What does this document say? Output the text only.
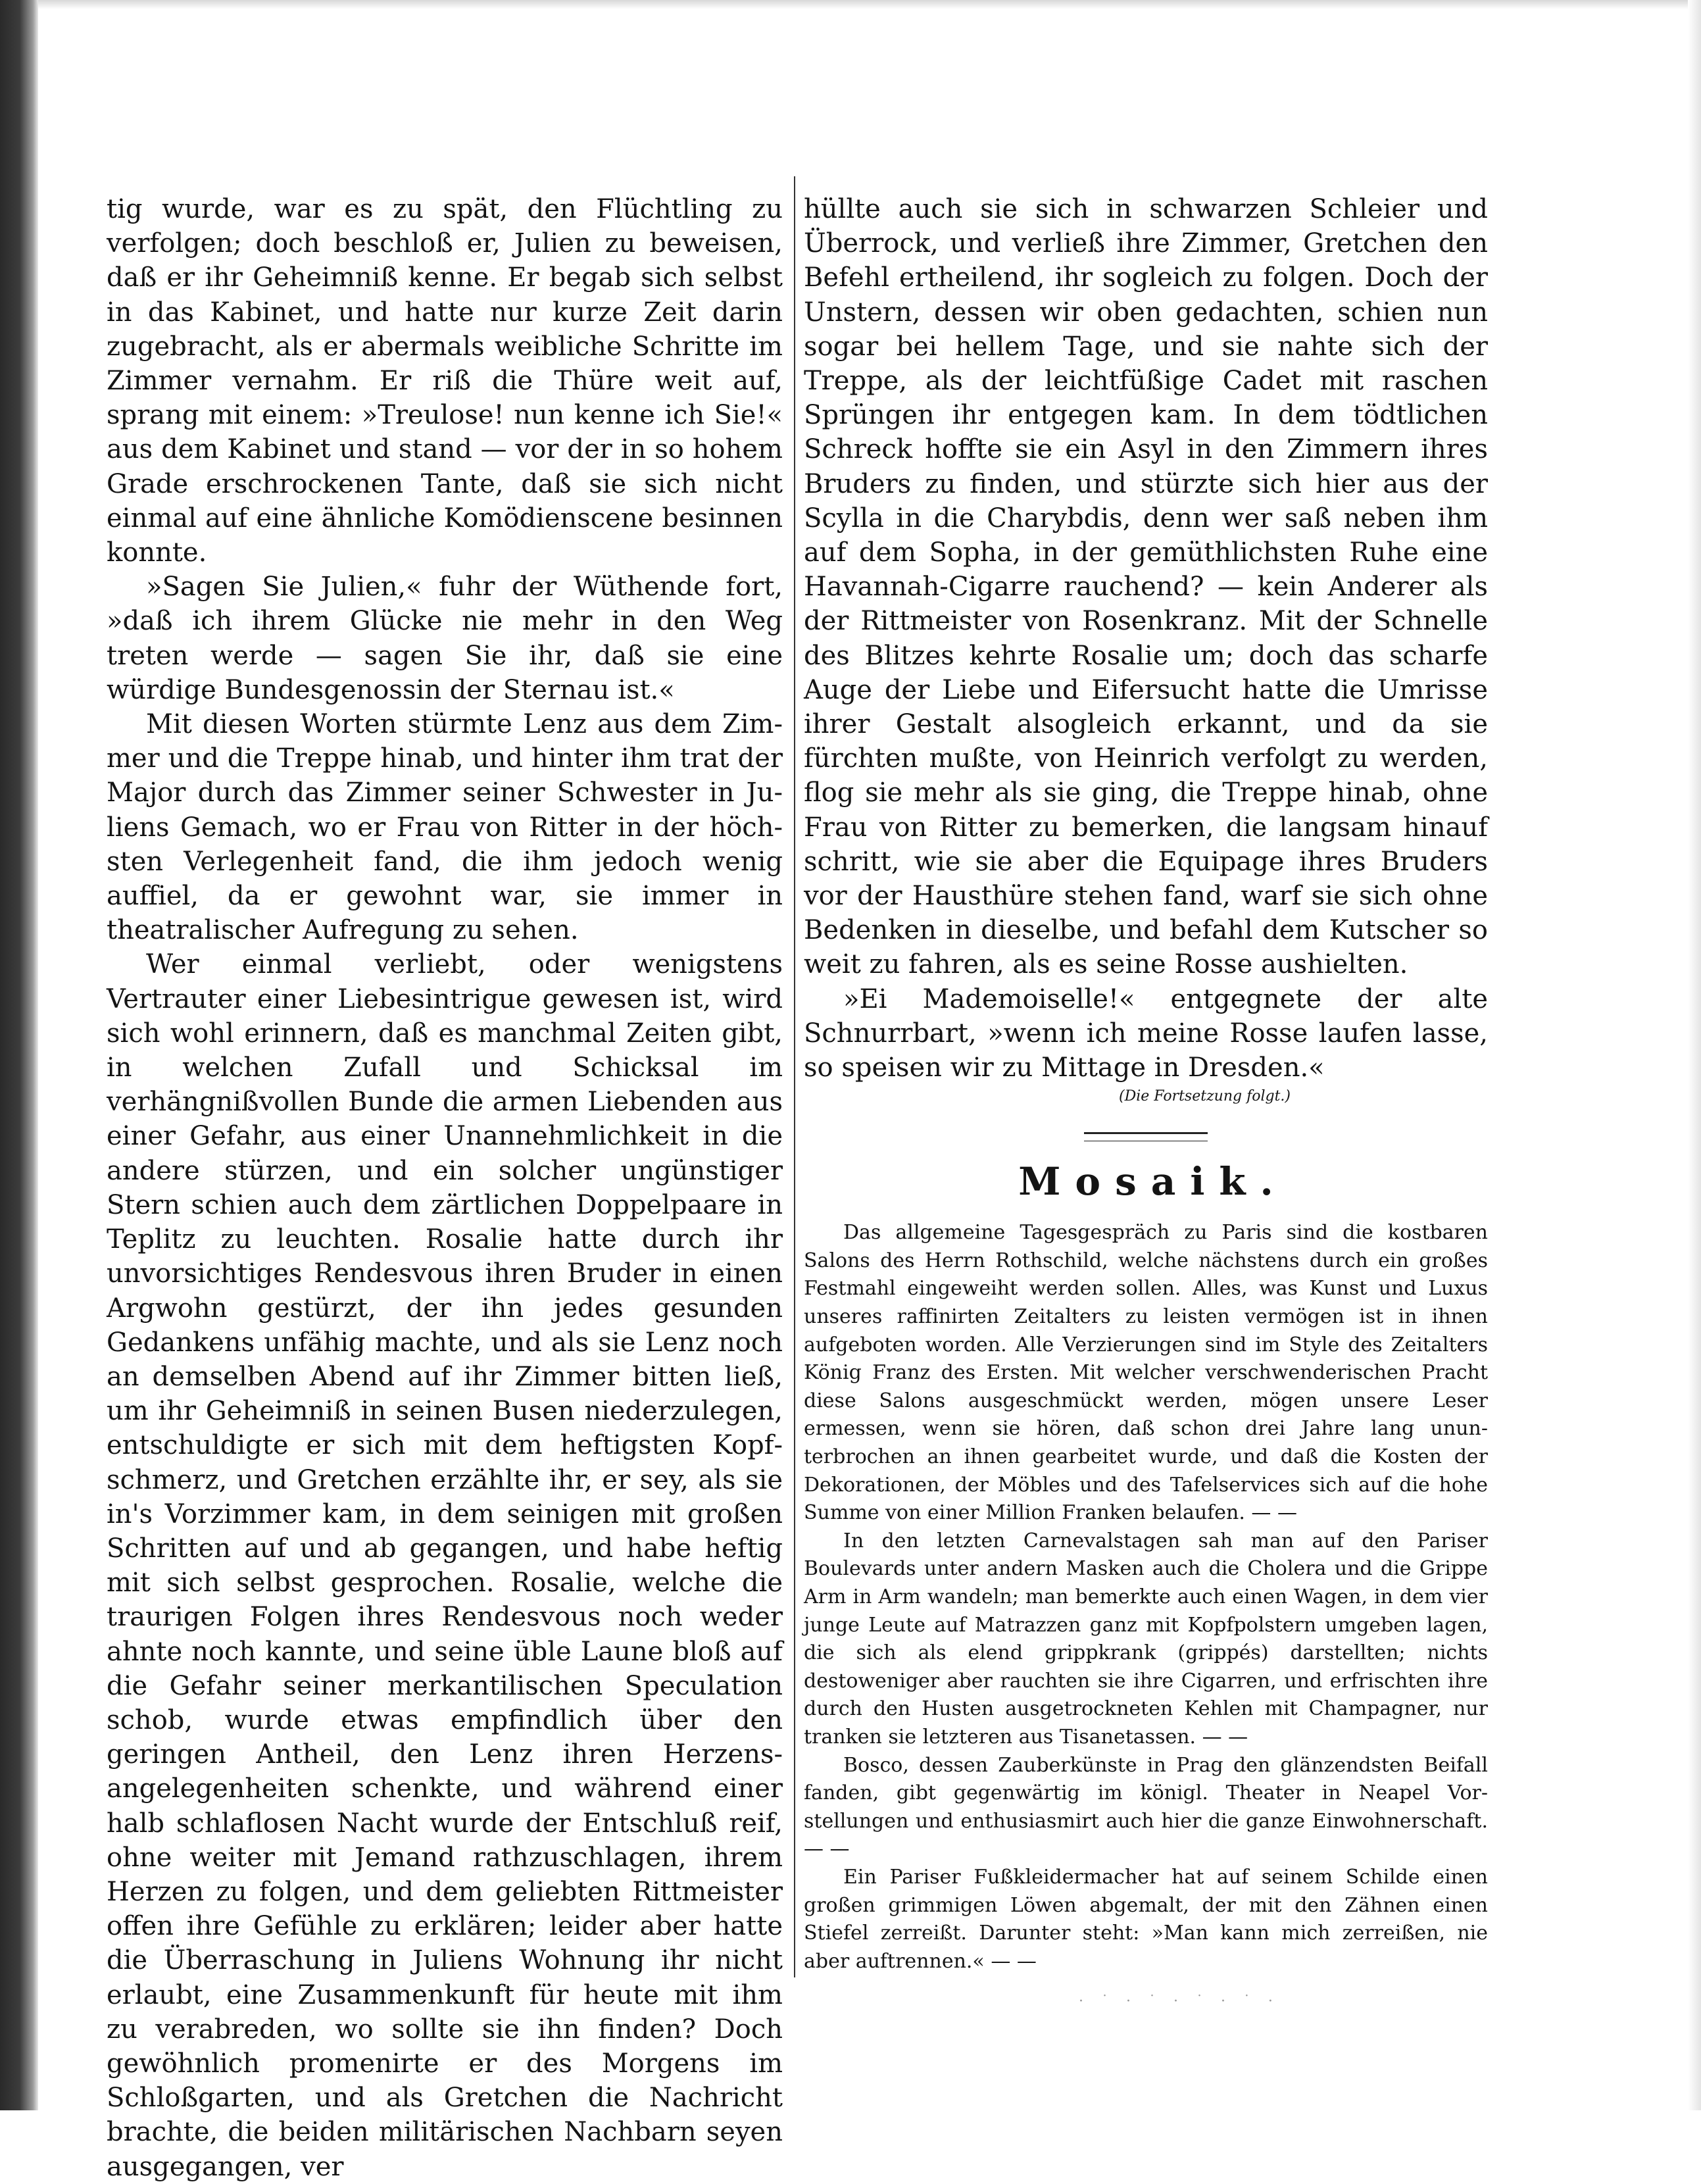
tig wurde, war es zu spät, den Flüchtling zu verfolgen; doch beschloß er, Julien zu beweisen, daß er ihr Geheimniß kenne. Er begab sich selbst in das Kabinet, und hatte nur kurze Zeit darin zugebracht, als er abermals weibliche Schritte im Zimmer vernahm. Er riß die Thüre weit auf, sprang mit einem: »Treulose! nun kenne ich Sie!« aus dem Kabinet und stand — vor der in so hohem Grade erschrockenen Tante, daß sie sich nicht einmal auf eine ähnliche Komödienscene besinnen konnte.

»Sagen Sie Julien,« fuhr der Wüthende fort, »daß ich ihrem Glücke nie mehr in den Weg treten werde — sagen Sie ihr, daß sie eine würdige Bundesgenossin der Sternau ist.«

Mit diesen Worten stürmte Lenz aus dem Zimmer und die Treppe hinab, und hinter ihm trat der Major durch das Zimmer seiner Schwester in Juliens Gemach, wo er Frau von Ritter in der höchsten Verlegenheit fand, die ihm jedoch wenig auffiel, da er gewohnt war, sie immer in theatralischer Aufregung zu sehen.

Wer einmal verliebt, oder wenigstens Vertrauter einer Liebesintrigue gewesen ist, wird sich wohl erinnern, daß es manchmal Zeiten gibt, in welchen Zufall und Schicksal im verhängnißvollen Bunde die armen Liebenden aus einer Gefahr, aus einer Unannehmlichkeit in die andere stürzen, und ein solcher ungünstiger Stern schien auch dem zärtlichen Doppelpaare in Teplitz zu leuchten. Rosalie hatte durch ihr unvorsichtiges Rendesvous ihren Bruder in einen Argwohn gestürzt, der ihn jedes gesunden Gedankens unfähig machte, und als sie Lenz noch an demselben Abend auf ihr Zimmer bitten ließ, um ihr Geheimniß in seinen Busen niederzulegen, entschuldigte er sich mit dem heftigsten Kopfschmerz, und Gretchen erzählte ihr, er sey, als sie in's Vorzimmer kam, in dem seinigen mit großen Schritten auf und ab gegangen, und habe heftig mit sich selbst gesprochen. Rosalie, welche die traurigen Folgen ihres Rendesvous noch weder ahnte noch kannte, und seine üble Laune bloß auf die Gefahr seiner merkantilischen Speculation schob, wurde etwas empfindlich über den geringen Antheil, den Lenz ihren Herzensangelegenheiten schenkte, und während einer halb schlaflosen Nacht wurde der Entschluß reif, ohne weiter mit Jemand rathzuschlagen, ihrem Herzen zu folgen, und dem geliebten Rittmeister offen ihre Gefühle zu erklären; leider aber hatte die Überraschung in Juliens Wohnung ihr nicht erlaubt, eine Zusammenkunft für heute mit ihm zu verabreden, wo sollte sie ihn finden? Doch gewöhnlich promenirte er des Morgens im Schloßgarten, und als Gretchen die Nachricht brachte, die beiden militärischen Nachbarn seyen ausgegangen, ver

hüllte auch sie sich in schwarzen Schleier und Überrock, und verließ ihre Zimmer, Gretchen den Befehl ertheilend, ihr sogleich zu folgen. Doch der Unstern, dessen wir oben gedachten, schien nun sogar bei hellem Tage, und sie nahte sich der Treppe, als der leichtfüßige Cadet mit raschen Sprüngen ihr entgegen kam. In dem tödtlichen Schreck hoffte sie ein Asyl in den Zimmern ihres Bruders zu finden, und stürzte sich hier aus der Scylla in die Charybdis, denn wer saß neben ihm auf dem Sopha, in der gemüthlichsten Ruhe eine Havannah-Cigarre rauchend? — kein Anderer als der Rittmeister von Rosenkranz. Mit der Schnelle des Blitzes kehrte Rosalie um; doch das scharfe Auge der Liebe und Eifersucht hatte die Umrisse ihrer Gestalt alsogleich erkannt, und da sie fürchten mußte, von Heinrich verfolgt zu werden, flog sie mehr als sie ging, die Treppe hinab, ohne Frau von Ritter zu bemerken, die langsam hinauf schritt, wie sie aber die Equipage ihres Bruders vor der Hausthüre stehen fand, warf sie sich ohne Bedenken in dieselbe, und befahl dem Kutscher so weit zu fahren, als es seine Rosse aushielten.

»Ei Mademoiselle!« entgegnete der alte Schnurrbart, »wenn ich meine Rosse laufen lasse, so speisen wir zu Mittage in Dresden.«

(Die Fortsetzung folgt.)
Mosaik.

Das allgemeine Tagesgespräch zu Paris sind die kostbaren Salons des Herrn Rothschild, welche nächstens durch ein großes Festmahl eingeweiht werden sollen. Alles, was Kunst und Luxus unseres raffinirten Zeitalters zu leisten vermögen ist in ihnen aufgeboten worden. Alle Verzierungen sind im Style des Zeitalters König Franz des Ersten. Mit welcher verschwenderischen Pracht diese Salons ausgeschmückt werden, mögen unsere Leser ermessen, wenn sie hören, daß schon drei Jahre lang ununterbrochen an ihnen gearbeitet wurde, und daß die Kosten der Dekorationen, der Möbles und des Tafelservices sich auf die hohe Summe von einer Million Franken belaufen. — —

In den letzten Carnevalstagen sah man auf den Pariser Boulevards unter andern Masken auch die Cholera und die Grippe Arm in Arm wandeln; man bemerkte auch einen Wagen, in dem vier junge Leute auf Matrazzen ganz mit Kopfpolstern umgeben lagen, die sich als elend grippkrank (grippés) darstellten; nichts destoweniger aber rauchten sie ihre Cigarren, und erfrischten ihre durch den Husten ausgetrockneten Kehlen mit Champagner, nur tranken sie letzteren aus Tisanetassen. — —

Bosco, dessen Zauberkünste in Prag den glänzendsten Beifall fanden, gibt gegenwärtig im königl. Theater in Neapel Vorstellungen und enthusiasmirt auch hier die ganze Einwohnerschaft. — —

Ein Pariser Fußkleidermacher hat auf seinem Schilde einen großen grimmigen Löwen abgemalt, der mit den Zähnen einen Stiefel zerreißt. Darunter steht: »Man kann mich zerreißen, nie aber auftrennen.« — —

· ˙ · ˙ · ˙ · ˙ ·
